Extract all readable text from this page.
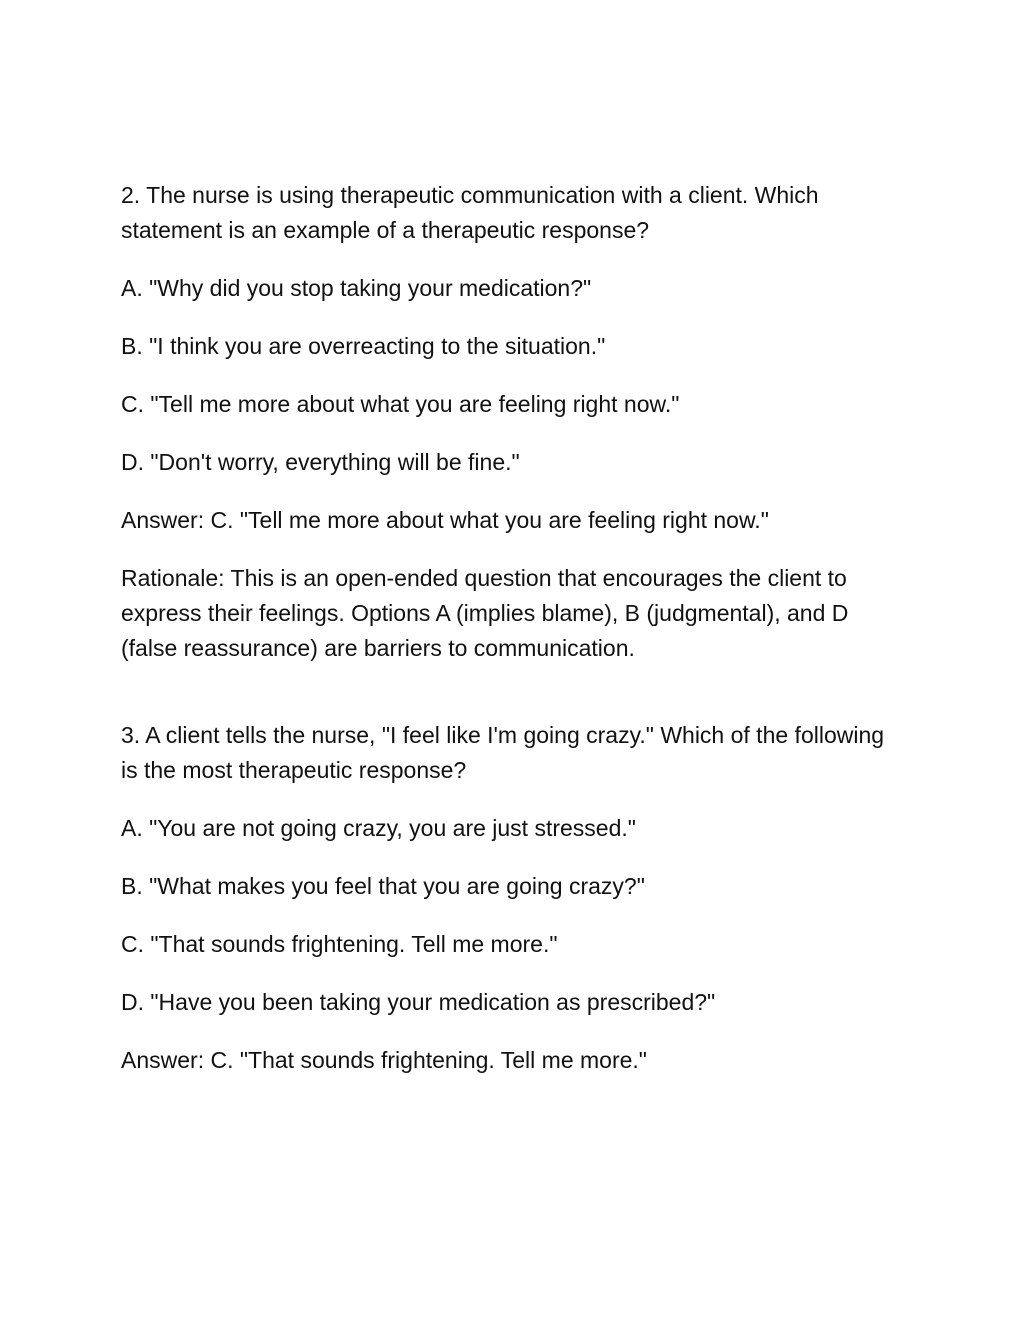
2. The nurse is using therapeutic communication with a client. Which statement is an example of a therapeutic response?

A. "Why did you stop taking your medication?"

B. "I think you are overreacting to the situation."

C. "Tell me more about what you are feeling right now."

D. "Don't worry, everything will be fine."

Answer: C. "Tell me more about what you are feeling right now."

Rationale: This is an open-ended question that encourages the client to express their feelings. Options A (implies blame), B (judgmental), and D (false reassurance) are barriers to communication.

3. A client tells the nurse, "I feel like I'm going crazy." Which of the following is the most therapeutic response?

A. "You are not going crazy, you are just stressed."

B. "What makes you feel that you are going crazy?"

C. "That sounds frightening. Tell me more."

D. "Have you been taking your medication as prescribed?"

Answer: C. "That sounds frightening. Tell me more."
